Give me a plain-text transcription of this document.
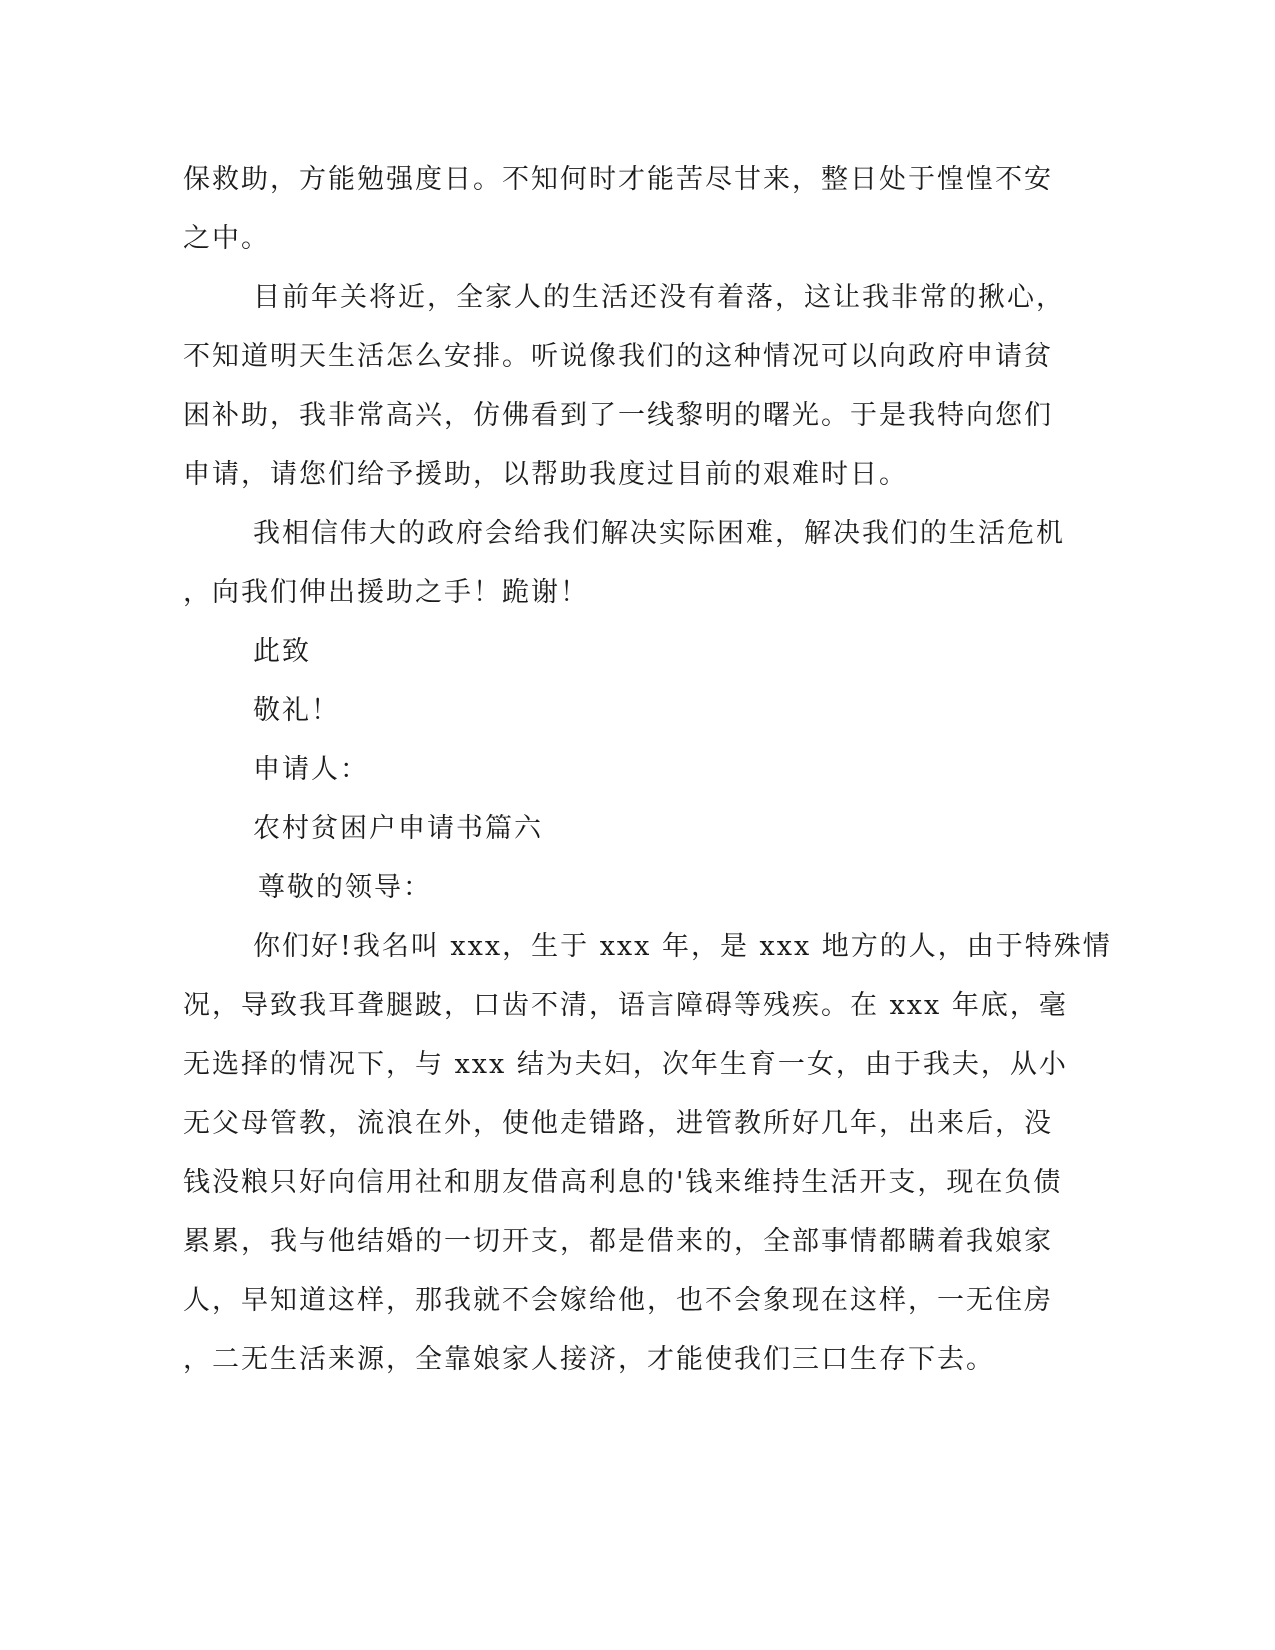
保救助，方能勉强度日。不知何时才能苦尽甘来，整日处于惶惶不安
之中。
目前年关将近，全家人的生活还没有着落，这让我非常的揪心，
不知道明天生活怎么安排。听说像我们的这种情况可以向政府申请贫
困补助，我非常高兴，仿佛看到了一线黎明的曙光。于是我特向您们
申请，请您们给予援助，以帮助我度过目前的艰难时日。
我相信伟大的政府会给我们解决实际困难，解决我们的生活危机
，向我们伸出援助之手！跪谢！
此致
敬礼！
申请人：
农村贫困户申请书篇六
尊敬的领导：
你们好!我名叫 xxx，生于 xxx 年，是 xxx 地方的人，由于特殊情
况，导致我耳聋腿跛，口齿不清，语言障碍等残疾。在 xxx 年底，毫
无选择的情况下，与 xxx 结为夫妇，次年生育一女，由于我夫，从小
无父母管教，流浪在外，使他走错路，进管教所好几年，出来后，没
钱没粮只好向信用社和朋友借高利息的'钱来维持生活开支，现在负债
累累，我与他结婚的一切开支，都是借来的，全部事情都瞒着我娘家
人，早知道这样，那我就不会嫁给他，也不会象现在这样，一无住房
，二无生活来源，全靠娘家人接济，才能使我们三口生存下去。
